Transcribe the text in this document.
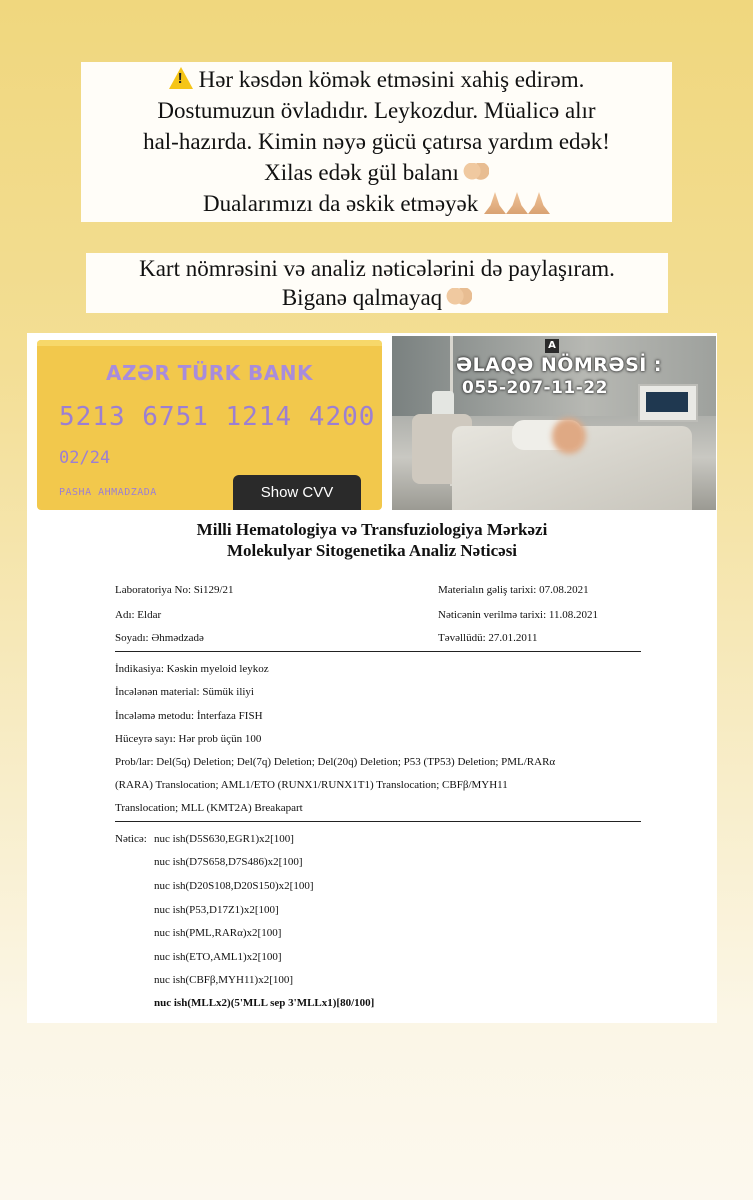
!Hər kəsdən kömək etməsini xahiş edirəm.
Dostumuzun övladıdır. Leykozdur. Müalicə alır
hal-hazırda. Kimin nəyə gücü çatırsa yardım edək!
Xilas edək gül balanı
Dualarımızı da əskik etməyək
Kart nömrəsini və analiz nəticələrini də paylaşıram.
Biganə qalmayaq
AZƏR TÜRK BANK
5213 6751 1214 4200
02/24
PASHA AHMADZADA	Show CVV
A
ƏLAQƏ NÖMRƏSİ :
055-207-11-22
Milli Hematologiya və Transfuziologiya Mərkəzi
Molekulyar Sitogenetika Analiz Nəticəsi
Laboratoriya No: Si129/21
Adı: Eldar
Soyadı: Əhmədzadə
Materialın gəliş tarixi: 07.08.2021
Nəticənin verilmə tarixi: 11.08.2021
Təvəllüdü: 27.01.2011
İndikasiya: Kəskin myeloid leykoz
İncələnən material: Sümük iliyi
İncələmə metodu: İnterfaza FISH
Hüceyrə sayı: Hər prob üçün 100
Prob/lar: Del(5q) Deletion; Del(7q) Deletion; Del(20q) Deletion; P53 (TP53) Deletion; PML/RARα
(RARA) Translocation; AML1/ETO (RUNX1/RUNX1T1) Translocation; CBFβ/MYH11
Translocation; MLL (KMT2A) Breakapart
Nəticə: nuc ish(D5S630,EGR1)x2[100]
nuc ish(D7S658,D7S486)x2[100]
nuc ish(D20S108,D20S150)x2[100]
nuc ish(P53,D17Z1)x2[100]
nuc ish(PML,RARα)x2[100]
nuc ish(ETO,AML1)x2[100]
nuc ish(CBFβ,MYH11)x2[100]
nuc ish(MLLx2)(5'MLL sep 3'MLLx1)[80/100]
